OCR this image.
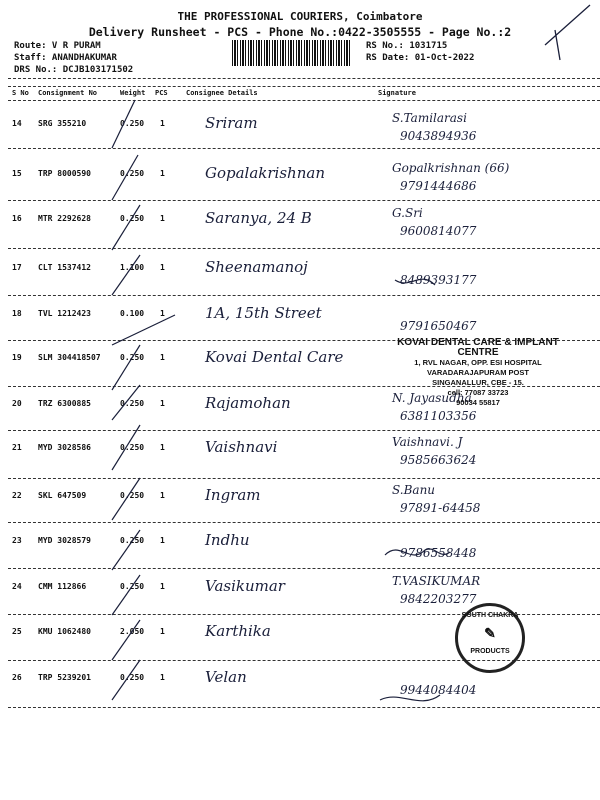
THE PROFESSIONAL COURIERS, Coimbatore
Delivery Runsheet - PCS - Phone No.:0422-3505555 - Page No.:2
Route: V R PURAM
Staff: ANANDHAKUMAR
DRS No.: DCJB103171502
RS No.: 1031715
RS Date: 01-Oct-2022
S No Consignment No	Weight PCS	Consignee Details	Signature
14 SRG 355210	0.250 1	Sriram	S.Tamilarasi
9043894936
15 TRP 8000590	0.250 1	Gopalakrishnan	Gopalkrishnan (66)
9791444686
16 MTR 2292628	0.250 1	Saranya, 24 B	G.Sri
9600814077
17 CLT 1537412	1.100 1	Sheenamanoj
8489393177
18 TVL 1212423	0.100 1	1A, 15th Street
9791650467
19 SLM 304418507 0.250 1	Kovai Dental Care
20 TRZ 6300885	0.250 1	Rajamohan	N. Jayasudha
6381103356
21 MYD 3028586	0.250 1	Vaishnavi	Vaishnavi. J
9585663624
22 SKL 647509	0.250 1	Ingram	S.Banu
97891-64458
23 MYD 3028579	0.250 1	Indhu
9786558448
24 CMM 112866	0.250 1	Vasikumar	T.VASIKUMAR
9842203277
25 KMU 1062480	2.050 1	Karthika
26 TRP 5239201	0.250 1	Velan
9944084404
KOVAI DENTAL CARE & IMPLANT CENTRE
1, RVL NAGAR, OPP. ESI HOSPITAL
VARADARAJAPURAM POST
SINGANALLUR, CBE - 15.
cell: 77087 33723
90034 55817
SOUTH CHAKRA
✎
PRODUCTS
